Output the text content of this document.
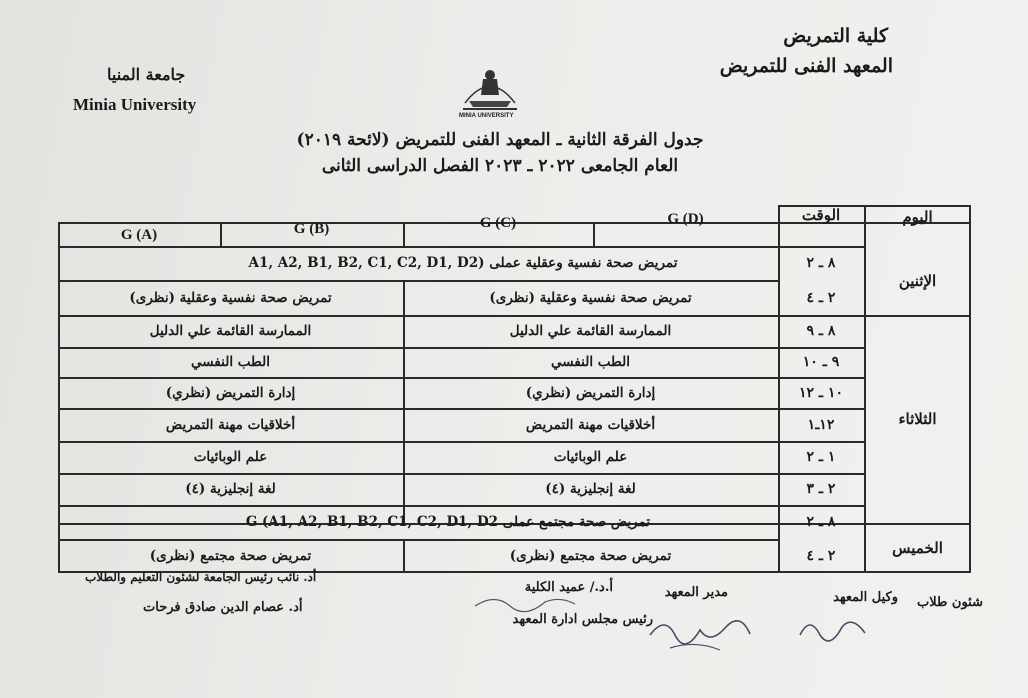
كلية التمريض
المعهد الفنى للتمريض
جامعة المنيا
Minia University
MINIA UNIVERSITY
جدول الفرقة الثانية ـ المعهد الفنى للتمريض (لائحة ٢٠١٩)
العام الجامعى ٢٠٢٢ ـ ٢٠٢٣ الفصل الدراسى الثانى
اليوم
الوقت
G (D)
G (C)
G (B)
G (A)
الإثنين
الثلاثاء
الخميس
٨ ـ ٢
تمريض صحة نفسية وعقلية عملى (A1, A2, B1, B2, C1, C2, D1, D2
٢ ـ ٤
تمريض صحة نفسية وعقلية (نظرى)
تمريض صحة نفسية وعقلية (نظرى)
٨ ـ ٩
الممارسة القائمة علي الدليل
الممارسة القائمة علي الدليل
٩ ـ ١٠
الطب النفسي
الطب النفسي
١٠ ـ ١٢
إدارة التمريض (نظري)
إدارة التمريض (نظري)
١٢ـ١
أخلاقيات مهنة التمريض
أخلاقيات مهنة التمريض
١ ـ ٢
علم الوبائيات
علم الوبائيات
٢ ـ ٣
لغة إنجليزية (٤)
لغة إنجليزية (٤)
٨ ـ ٢
تمريض صحة مجتمع عملى G (A1, A2, B1, B2, C1, C2, D1, D2
٢ ـ ٤
تمريض صحة مجتمع (نظرى)
تمريض صحة مجتمع (نظرى)
شئون طلاب
وكيل المعهد
مدير المعهد
أ.د./ عميد الكلية
رئيس مجلس ادارة المعهد
أد. نائب رئيس الجامعة لشئون التعليم والطلاب
أد. عصام الدين صادق فرحات
